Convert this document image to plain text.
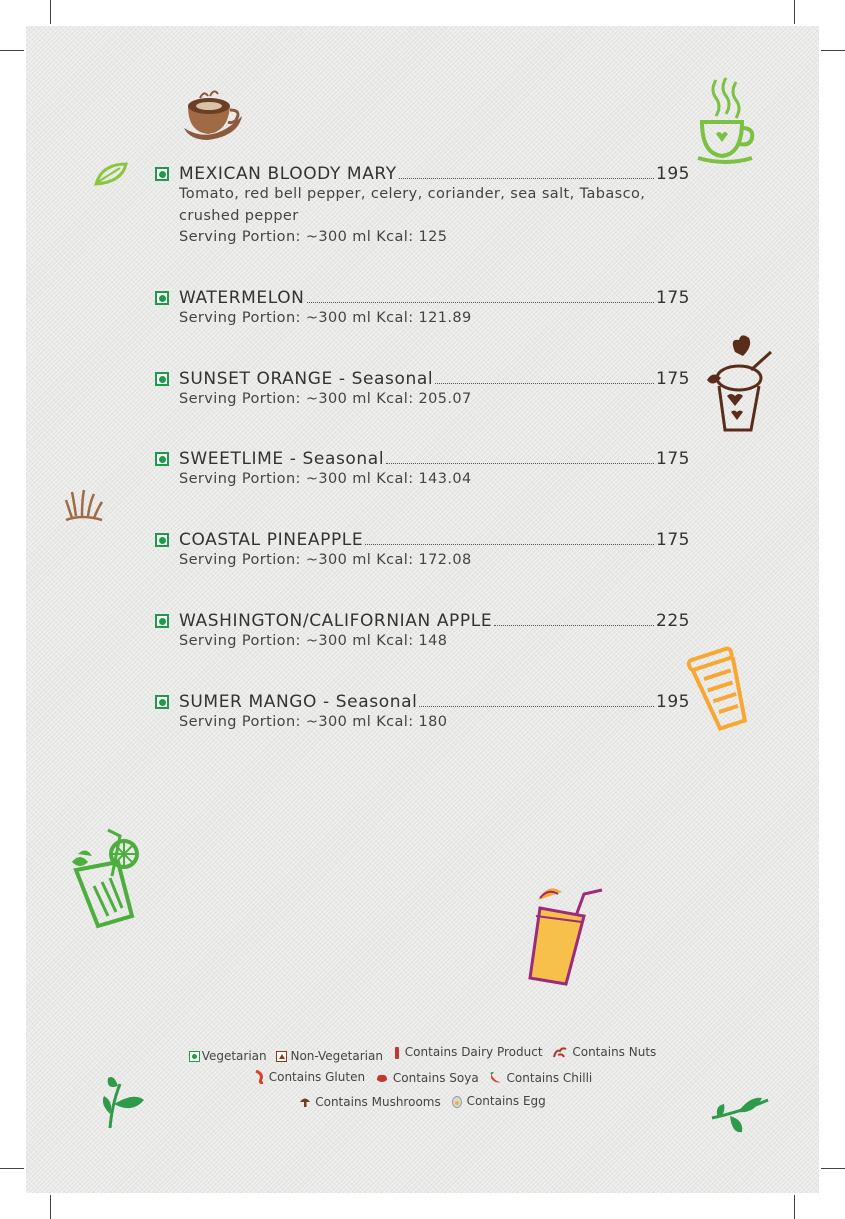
MEXICAN BLOODY MARY	195
Tomato, red bell pepper, celery, coriander, sea salt, Tabasco, crushed pepper
Serving Portion: ~300 ml Kcal: 125
WATERMELON	175
Serving Portion: ~300 ml Kcal: 121.89
SUNSET ORANGE - Seasonal	175
Serving Portion: ~300 ml Kcal: 205.07
SWEETLIME - Seasonal	175
Serving Portion: ~300 ml Kcal: 143.04
COASTAL PINEAPPLE	175
Serving Portion: ~300 ml Kcal: 172.08
WASHINGTON/CALIFORNIAN APPLE	225
Serving Portion: ~300 ml Kcal: 148
SUMER MANGO - Seasonal	195
Serving Portion: ~300 ml Kcal: 180
Vegetarian
Non-Vegetarian
Contains Dairy Product
Contains Nuts
Contains Gluten
Contains Soya
Contains Chilli
Contains Mushrooms
Contains Egg
